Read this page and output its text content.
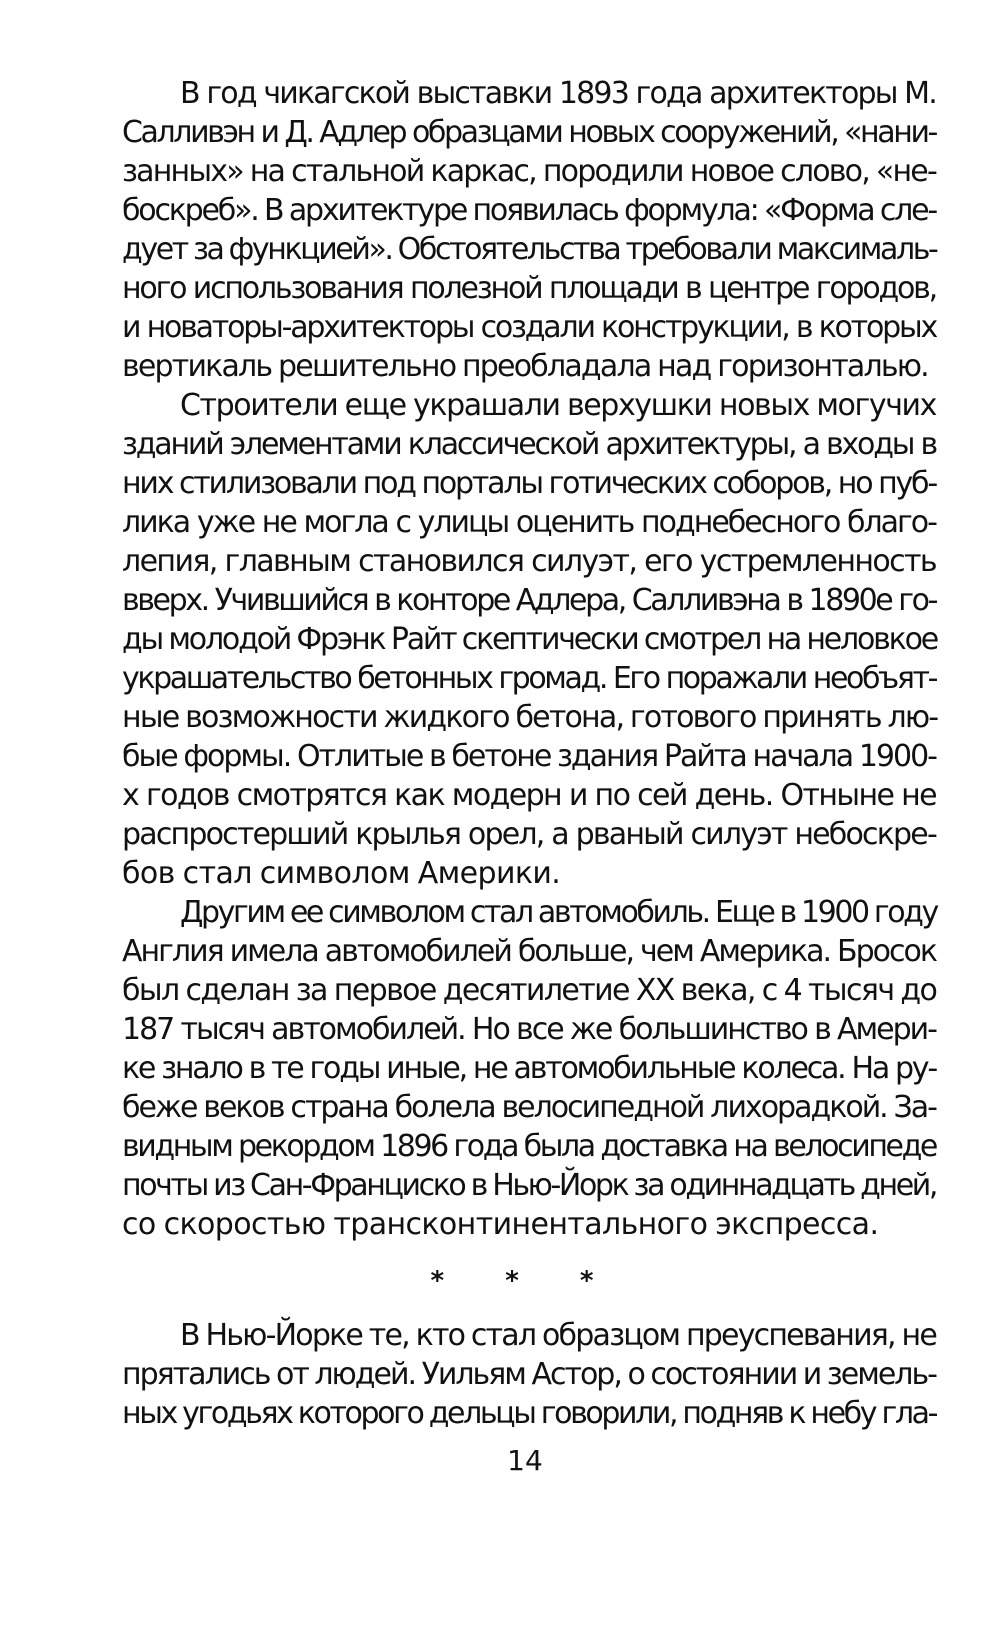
В год чикагской выставки 1893 года архитекторы М.
Салливэн и Д. Адлер образцами новых сооружений, «нани-
занных» на стальной каркас, породили новое слово, «не-
боскреб». В архитектуре появилась формула: «Форма сле-
дует за функцией». Обстоятельства требовали максималь-
ного использования полезной площади в центре городов,
и новаторы-архитекторы создали конструкции, в которых
вертикаль решительно преобладала над горизонталью.
Строители еще украшали верхушки новых могучих
зданий элементами классической архитектуры, а входы в
них стилизовали под порталы готических соборов, но пуб-
лика уже не могла с улицы оценить поднебесного благо-
лепия, главным становился силуэт, его устремленность
вверх. Учившийся в конторе Адлера, Салливэна в 1890е го-
ды молодой Фрэнк Райт скептически смотрел на неловкое
украшательство бетонных громад. Его поражали необъят-
ные возможности жидкого бетона, готового принять лю-
бые формы. Отлитые в бетоне здания Райта начала 1900-
х годов смотрятся как модерн и по сей день. Отныне не
распростерший крылья орел, а рваный силуэт небоскре-
бов стал символом Америки.
Другим ее символом стал автомобиль. Еще в 1900 году
Англия имела автомобилей больше, чем Америка. Бросок
был сделан за первое десятилетие XX века, с 4 тысяч до
187 тысяч автомобилей. Но все же большинство в Амери-
ке знало в те годы иные, не автомобильные колеса. На ру-
беже веков страна болела велосипедной лихорадкой. За-
видным рекордом 1896 года была доставка на велосипеде
почты из Сан-Франциско в Нью-Йорк за одиннадцать дней,
со скоростью трансконтинентального экспресса.
* * *
В Нью-Йорке те, кто стал образцом преуспевания, не
прятались от людей. Уильям Астор, о состоянии и земель-
ных угодьях которого дельцы говорили, подняв к небу гла-
14
